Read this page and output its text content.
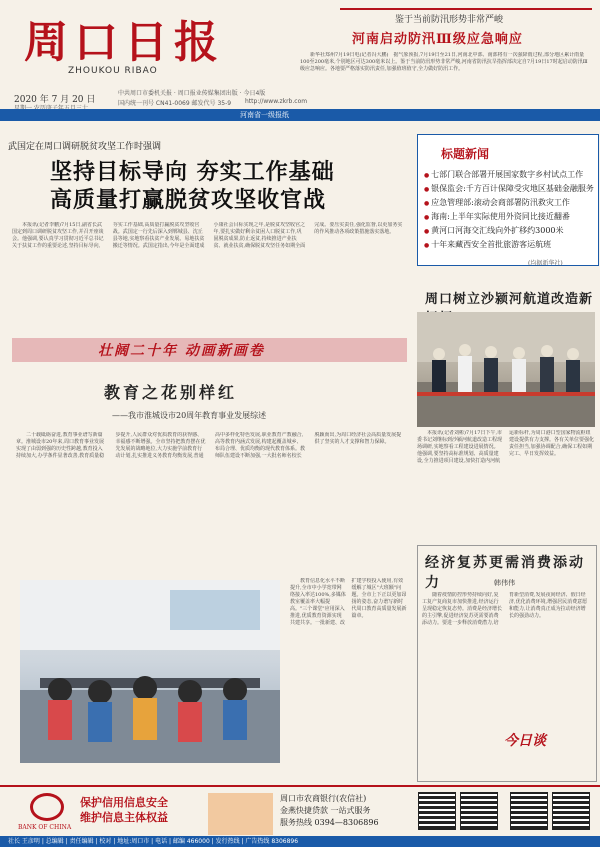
周口日报
ZHOUKOU RIBAO
2020 年 7 月 20 日
中共周口市委机关报 · 周口报业传媒集团出版 · 今日4版
国内统一刊号 CN41-0069 邮发代号 35-9 http://www.zkrb.com
鉴于当前防汛形势非常严峻
河南启动防汛Ⅲ级应急响应

　　新华社郑州7月19日电(记者冯大鹏)　据气象预报,7月19日至21日,河南北中部、南部将有一次强降雨过程,部分地区累计雨量100至200毫米,个别地区可达300毫米以上。鉴于当前防汛形势非常严峻,河南省防汛抗旱指挥部决定自7月19日17时起启动防汛Ⅲ级应急响应。各地要严格落实防汛责任,加强值班值守,全力做好防汛工作。

河南省一级报纸
武国定在周口调研脱贫攻坚工作时强调
坚持目标导向 夯实工作基础
高质量打赢脱贫攻坚收官战

　　本报讯(记者李鹏)7月15日,副省长武国定到周口调研脱贫攻坚工作,并召开座谈会。他强调,要认真学习贯彻习近平总书记关于扶贫工作的重要论述,坚持目标导向,夯实工作基础,高质量打赢脱贫攻坚收官战。武国定一行先后深入到郸城县、沈丘县等地,实地察看扶贫产业发展、易地扶贫搬迁等情况。武国定指出,今年是全面建成小康社会目标实现之年,是脱贫攻坚收官之年,要扎实做好剩余贫困人口脱贫工作,巩固脱贫成果,防止返贫,持续推进产业扶贫、就业扶贫,确保脱贫攻坚任务如期全面完成。要压实责任,强化监督,以更加务实的作风推动各项政策措施落实落地。

标题新闻
● 七部门联合部署开展国家数字乡村试点工作
● 银保监会:千方百计保障受灾地区基础金融服务
● 应急管理部:滚动会商部署防汛救灾工作
● 海南:上半年实际使用外资同比接近翻番
● 黄河口河海交汇线向外扩移约3000米
● 十年来藏西安全首批旅游客运航班
(均据新华社)
周口树立沙颍河航道改造新

　　本报讯(记者刘彬)7月17日下午,市委书记刘继标到沙颍河航道改造工程现场调研,实地察看工程建设进展情况。他强调,要坚持高标准规划、高质量建设,全力推进项目建设,加快打造内河航运新标杆,为周口港口型国家物流枢纽建设提供有力支撑。各有关单位要强化责任担当,加强协调配合,确保工程如期完工、早日发挥效益。

壮阔二十年 动画新画卷
教育之花别样红
——我市淮城设市20周年教育事业发展综述

　　二十载砥砺奋进,教育事业谱写新篇章。淮城设市20年来,周口教育事业发展实现了由弱到强的历史性跨越,教育投入持续加大,办学条件显著改善,教育质量稳步提升,人民群众对优质教育的获得感、幸福感不断增强。全市坚持把教育摆在优先发展的战略地位,大力实施学前教育行动计划,扎实推进义务教育均衡发展,普通高中多样化特色发展,职业教育产教融合,高等教育内涵式发展,构建起覆盖城乡、布局合理、优质均衡的现代教育体系。教师队伍建设不断加强,一大批名师名校长脱颖而出,为周口经济社会高质量发展提供了坚实的人才支撑和智力保障。

　　教育信息化水平不断提升,全市中小学宽带网络接入率达100%,多媒体教室覆盖率大幅提高。"三个课堂"应用深入推进,优质教育资源实现共建共享。一批新建、改扩建学校投入使用,有效缓解了城区"大班额"问题。全市上下正以更加昂扬的姿态,奋力谱写新时代周口教育高质量发展新篇章。

经济复苏更需消费添动力	韩伟伟

　　随着疫情防控形势持续向好,复工复产复商复市加快推进,经济运行呈现稳定恢复态势。消费是经济增长的主引擎,促进经济复苏更需要消费添动力。要进一步释放消费潜力,培育新型消费,发展夜间经济、假日经济,优化消费环境,增强居民消费意愿和能力,让消费真正成为拉动经济增长的强劲动力。

今日谈
BANK OF CHINA
保护信用信息安全
维护信息主体权益
周口市农商银行(农信社)
金燕快捷贷款 一站式服务
服务热线 0394—8306896
社长 王彦明 | 总编辑 | 责任编辑 | 校对 | 地址:周口市 | 电话 | 邮编 466000 | 发行热线 | 广告热线 8306896
